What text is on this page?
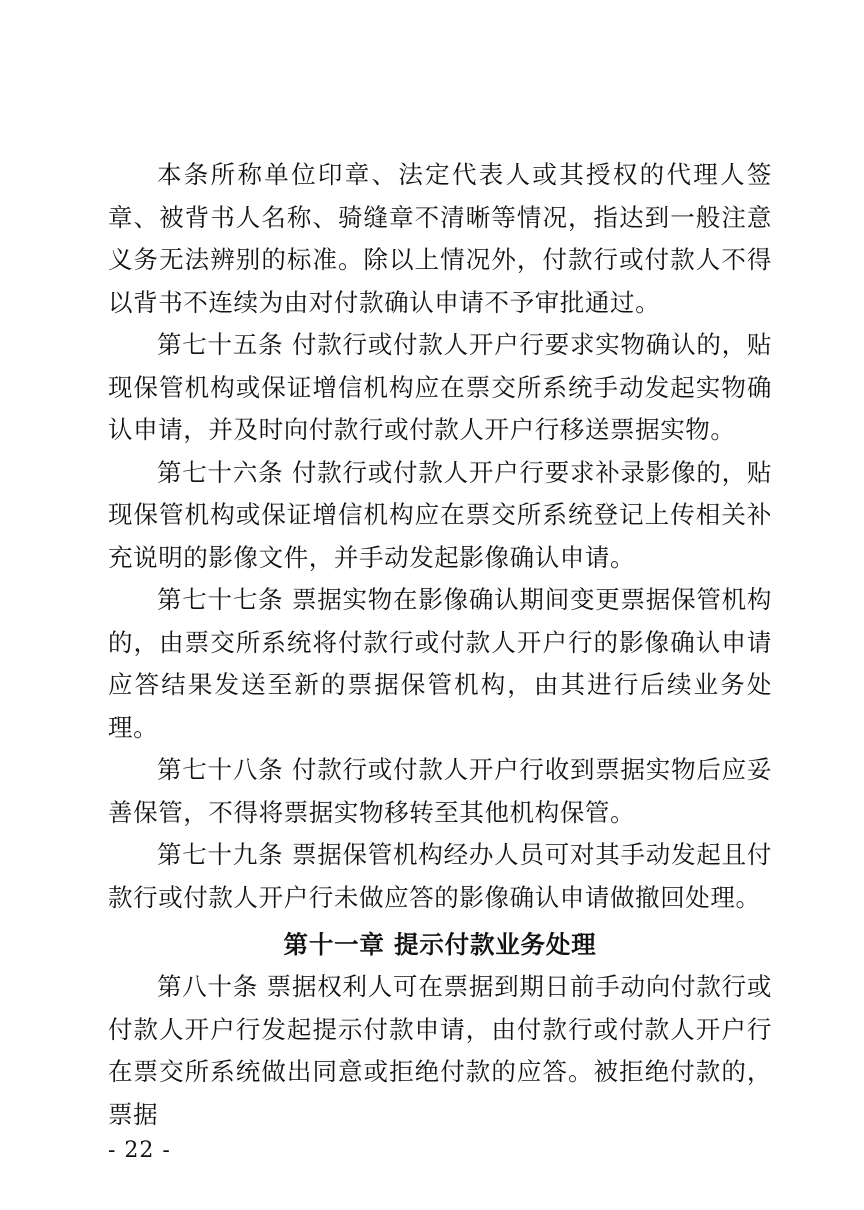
本条所称单位印章、法定代表人或其授权的代理人签章、被背书人名称、骑缝章不清晰等情况，指达到一般注意义务无法辨别的标准。除以上情况外，付款行或付款人不得以背书不连续为由对付款确认申请不予审批通过。

第七十五条 付款行或付款人开户行要求实物确认的，贴现保管机构或保证增信机构应在票交所系统手动发起实物确认申请，并及时向付款行或付款人开户行移送票据实物。

第七十六条 付款行或付款人开户行要求补录影像的，贴现保管机构或保证增信机构应在票交所系统登记上传相关补充说明的影像文件，并手动发起影像确认申请。

第七十七条 票据实物在影像确认期间变更票据保管机构的，由票交所系统将付款行或付款人开户行的影像确认申请应答结果发送至新的票据保管机构，由其进行后续业务处理。

第七十八条 付款行或付款人开户行收到票据实物后应妥善保管，不得将票据实物移转至其他机构保管。

第七十九条 票据保管机构经办人员可对其手动发起且付款行或付款人开户行未做应答的影像确认申请做撤回处理。

第十一章 提示付款业务处理

第八十条 票据权利人可在票据到期日前手动向付款行或付款人开户行发起提示付款申请，由付款行或付款人开户行在票交所系统做出同意或拒绝付款的应答。被拒绝付款的，票据

- 22 -
